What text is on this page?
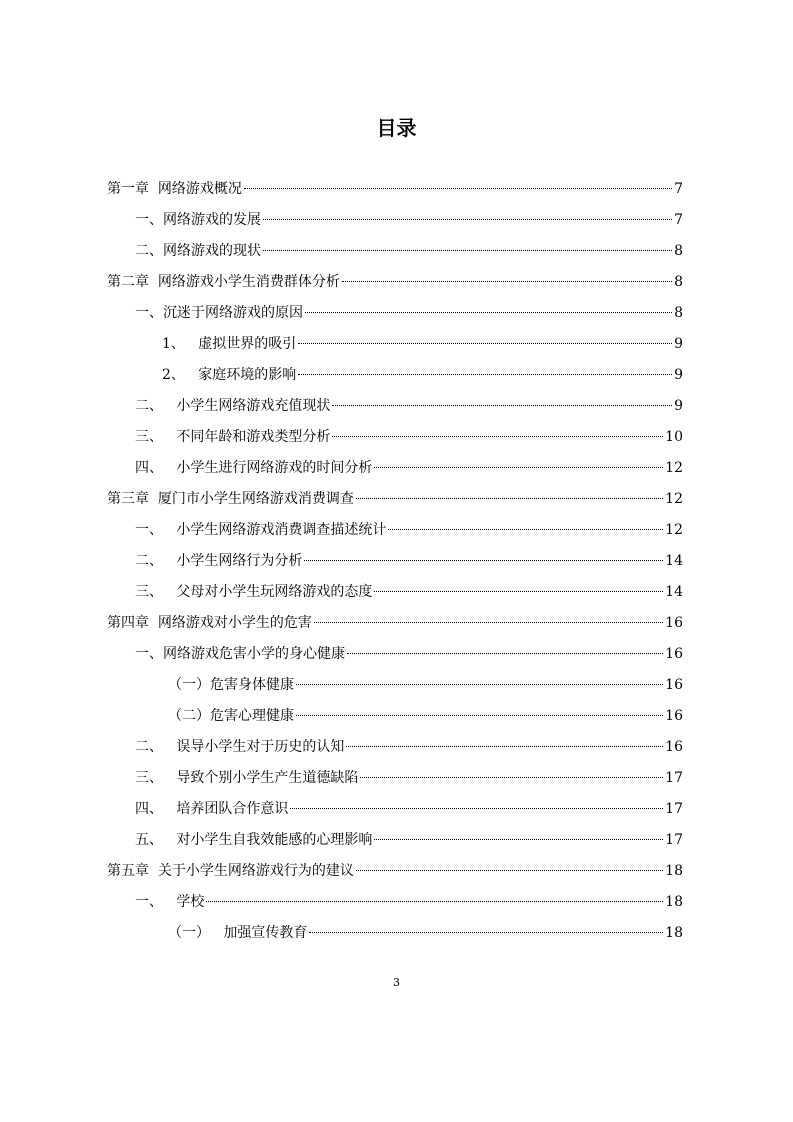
目录
第一章  网络游戏概况	7
一、网络游戏的发展	7
二、网络游戏的现状	8
第二章  网络游戏小学生消费群体分析	8
一、沉迷于网络游戏的原因	8
1、   虚拟世界的吸引	9
2、   家庭环境的影响	9
二、   小学生网络游戏充值现状	9
三、   不同年龄和游戏类型分析	10
四、   小学生进行网络游戏的时间分析	12
第三章  厦门市小学生网络游戏消费调查	12
一、   小学生网络游戏消费调查描述统计	12
二、   小学生网络行为分析	14
三、   父母对小学生玩网络游戏的态度	14
第四章  网络游戏对小学生的危害	16
一、网络游戏危害小学的身心健康	16
（一）危害身体健康	16
（二）危害心理健康	16
二、   误导小学生对于历史的认知	16
三、   导致个别小学生产生道德缺陷	17
四、   培养团队合作意识	17
五、   对小学生自我效能感的心理影响	17
第五章  关于小学生网络游戏行为的建议	18
一、   学校	18
（一）   加强宣传教育	18
3
